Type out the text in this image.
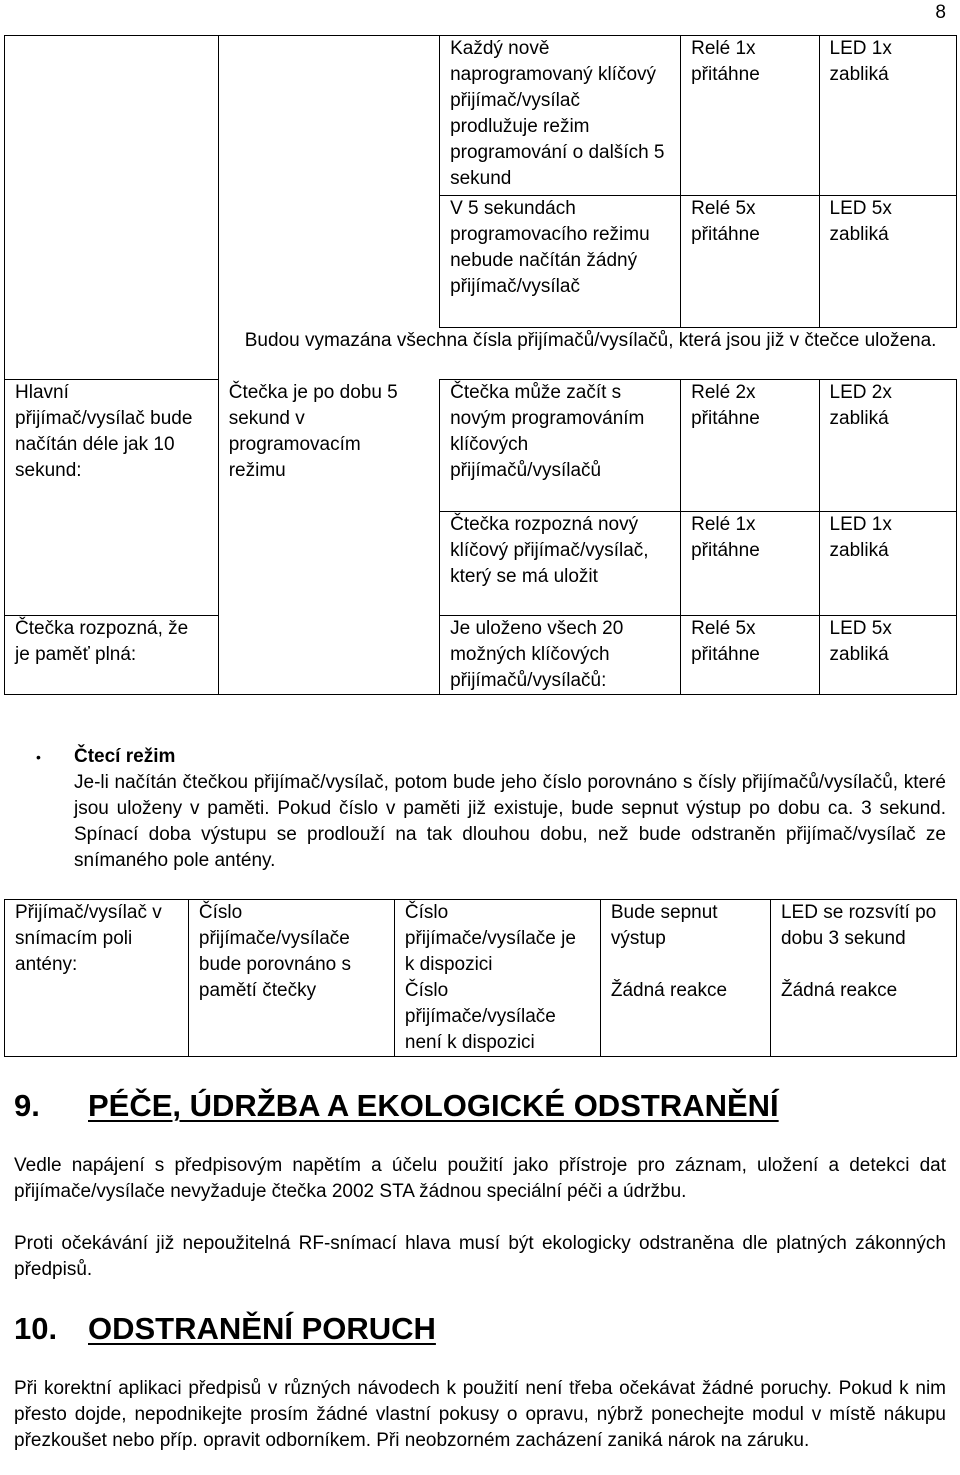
8

		Každý nově naprogramovaný klíčový přijímač/vysílač prodlužuje režim programování o dalších 5 sekund	Relé 1x přitáhne	LED 1x zabliká

		V 5 sekundách programovacího režimu nebude načítán žádný přijímač/vysílač	Relé 5x přitáhne	LED 5x zabliká

	Budou vymazána všechna čísla přijímačů/vysílačů, která jsou již v čtečce uložena.			

Hlavní přijímač/vysílač bude načítán déle jak 10 sekund:	Čtečka je po dobu 5 sekund v programovacím režimu	Čtečka může začít s novým programováním klíčových přijímačů/vysílačů	Relé 2x přitáhne	LED 2x zabliká

		Čtečka rozpozná nový klíčový přijímač/vysílač, který se má uložit	Relé 1x přitáhne	LED 1x zabliká

Čtečka rozpozná, že je paměť plná:		Je uloženo všech 20 možných klíčových přijímačů/vysílačů:	Relé 5x přitáhne	LED 5x zabliká
• Čtecí režim
Je-li načítán čtečkou přijímač/vysílač, potom bude jeho číslo porovnáno s čísly přijímačů/vysílačů, které jsou uloženy v paměti. Pokud číslo v paměti již existuje, bude sepnut výstup po dobu ca. 3 sekund. Spínací doba výstupu se prodlouží na tak dlouhou dobu, než bude odstraněn přijímač/vysílač ze snímaného pole antény.
Přijímač/vysílač v snímacím poli antény:	Číslo přijímače/vysílače bude porovnáno s pamětí čtečky	Číslo přijímače/vysílače je k dispozici	Bude sepnut výstup	LED se rozsvítí po dobu 3 sekund

		Číslo přijímače/vysílače není k dispozici	Žádná reakce	Žádná reakce
9. PÉČE, ÚDRŽBA A EKOLOGICKÉ ODSTRANĚNÍ
Vedle napájení s předpisovým napětím a účelu použití jako přístroje pro záznam, uložení a detekci dat přijímače/vysílače nevyžaduje čtečka 2002 STA žádnou speciální péči a údržbu.
Proti očekávání již nepoužitelná RF-snímací hlava musí být ekologicky odstraněna dle platných zákonných předpisů.
10. ODSTRANĚNÍ PORUCH
Při korektní aplikaci předpisů v různých návodech k použití není třeba očekávat žádné poruchy. Pokud k nim přesto dojde, nepodnikejte prosím žádné vlastní pokusy o opravu, nýbrž ponechejte modul v místě nákupu přezkoušet nebo příp. opravit odborníkem. Při neobzorném zacházení zaniká nárok na záruku.
